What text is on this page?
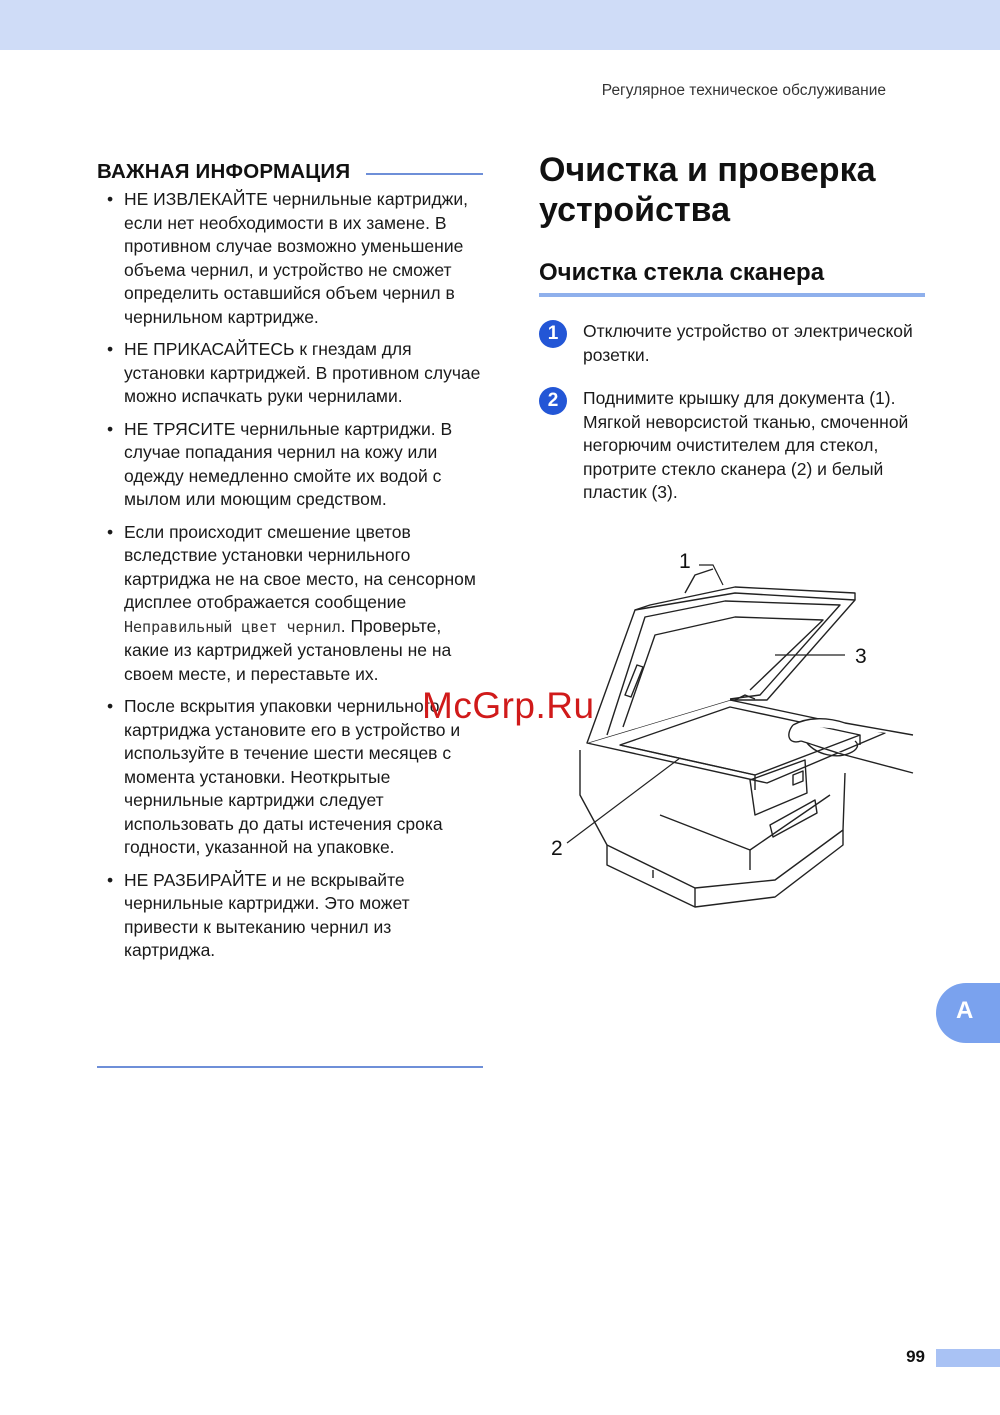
Регулярное техническое обслуживание
ВАЖНАЯ ИНФОРМАЦИЯ
• НЕ ИЗВЛЕКАЙТЕ чернильные картриджи, если нет необходимости в их замене. В противном случае возможно уменьшение объема чернил, и устройство не сможет определить оставшийся объем чернил в чернильном картридже.
• НЕ ПРИКАСАЙТЕСЬ к гнездам для установки картриджей. В противном случае можно испачкать руки чернилами.
• НЕ ТРЯСИТЕ чернильные картриджи. В случае попадания чернил на кожу или одежду немедленно смойте их водой с мылом или моющим средством.
• Если происходит смешение цветов вследствие установки чернильного картриджа не на свое место, на сенсорном дисплее отображается сообщение Неправильный цвет чернил. Проверьте, какие из картриджей установлены не на своем месте, и переставьте их.
• После вскрытия упаковки чернильного картриджа установите его в устройство и используйте в течение шести месяцев с момента установки. Неоткрытые чернильные картриджи следует использовать до даты истечения срока годности, указанной на упаковке.
• НЕ РАЗБИРАЙТЕ и не вскрывайте чернильные картриджи. Это может привести к вытеканию чернил из картриджа.
Очистка и проверка устройства
Очистка стекла сканера
1	Отключите устройство от электрической розетки.
2	Поднимите крышку для документа (1). Мягкой неворсистой тканью, смоченной негорючим очистителем для стекол, протрите стекло сканера (2) и белый пластик (3).
1
2
3
McGrp.Ru
A
99
